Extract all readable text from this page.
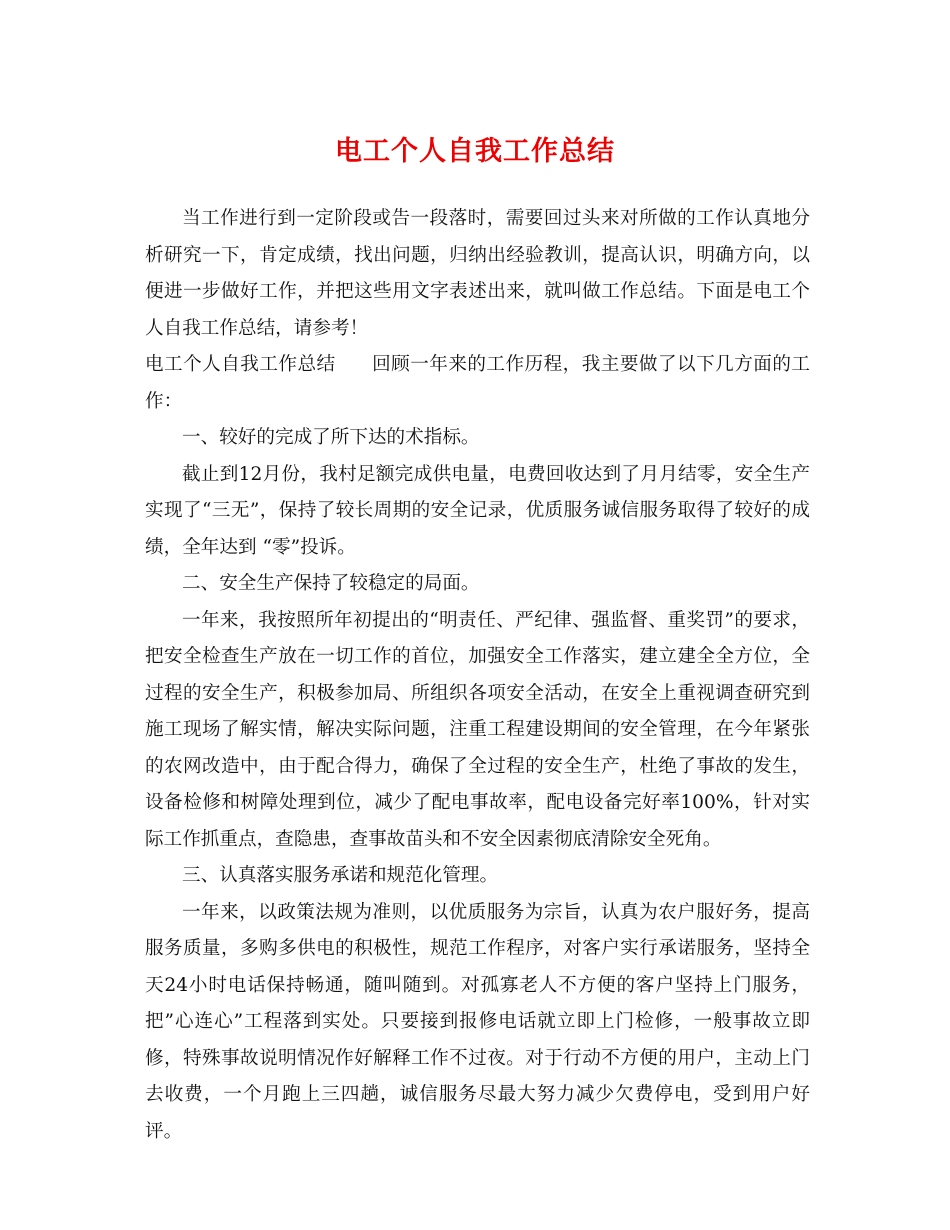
电工个人自我工作总结

当工作进行到一定阶段或告一段落时，需要回过头来对所做的工作认真地分析研究一下，肯定成绩，找出问题，归纳出经验教训，提高认识，明确方向，以便进一步做好工作，并把这些用文字表述出来，就叫做工作总结。下面是电工个人自我工作总结，请参考！

电工个人自我工作总结 回顾一年来的工作历程，我主要做了以下几方面的工作：

一、较好的完成了所下达的术指标。

截止到12月份，我村足额完成供电量，电费回收达到了月月结零，安全生产实现了“三无”，保持了较长周期的安全记录，优质服务诚信服务取得了较好的成绩，全年达到 “零”投诉。

二、安全生产保持了较稳定的局面。

一年来，我按照所年初提出的“明责任、严纪律、强监督、重奖罚”的要求，把安全检查生产放在一切工作的首位，加强安全工作落实，建立建全全方位，全过程的安全生产，积极参加局、所组织各项安全活动，在安全上重视调查研究到施工现场了解实情，解决实际问题，注重工程建设期间的安全管理，在今年紧张的农网改造中，由于配合得力，确保了全过程的安全生产，杜绝了事故的发生，设备检修和树障处理到位，减少了配电事故率，配电设备完好率100%，针对实际工作抓重点，查隐患，查事故苗头和不安全因素彻底清除安全死角。

三、认真落实服务承诺和规范化管理。

一年来，以政策法规为准则，以优质服务为宗旨，认真为农户服好务，提高服务质量，多购多供电的积极性，规范工作程序，对客户实行承诺服务，坚持全天24小时电话保持畅通，随叫随到。对孤寡老人不方便的客户坚持上门服务，把”心连心”工程落到实处。只要接到报修电话就立即上门检修，一般事故立即修，特殊事故说明情况作好解释工作不过夜。对于行动不方便的用户，主动上门去收费，一个月跑上三四趟，诚信服务尽最大努力减少欠费停电，受到用户好评。
